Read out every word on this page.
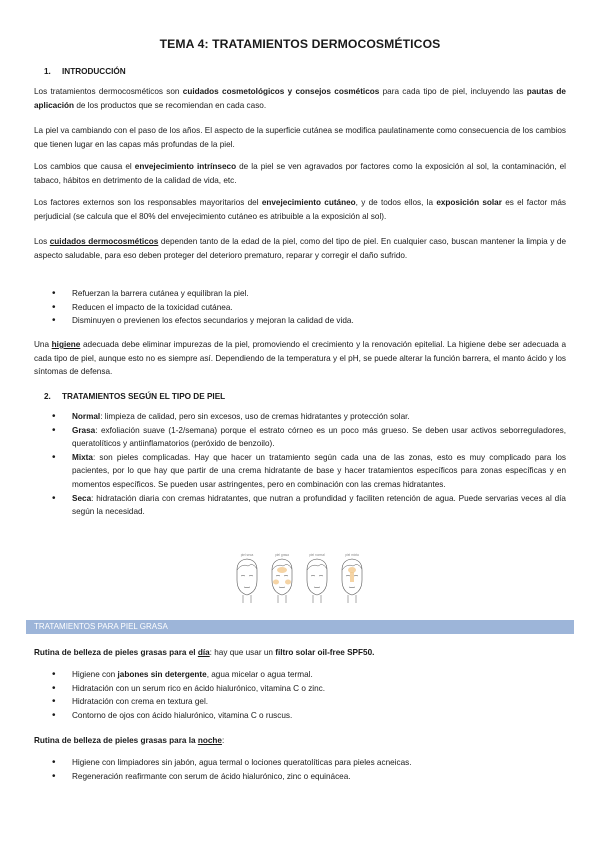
TEMA 4: TRATAMIENTOS DERMOCOSMÉTICOS
1. INTRODUCCIÓN

Los tratamientos dermocosméticos son cuidados cosmetológicos y consejos cosméticos para cada tipo de piel, incluyendo las pautas de aplicación de los productos que se recomiendan en cada caso.

La piel va cambiando con el paso de los años. El aspecto de la superficie cutánea se modifica paulatinamente como consecuencia de los cambios que tienen lugar en las capas más profundas de la piel.

Los cambios que causa el envejecimiento intrínseco de la piel se ven agravados por factores como la exposición al sol, la contaminación, el tabaco, hábitos en detrimento de la calidad de vida, etc.

Los factores externos son los responsables mayoritarios del envejecimiento cutáneo, y de todos ellos, la exposición solar es el factor más perjudicial (se calcula que el 80% del envejecimiento cutáneo es atribuible a la exposición al sol).

Los cuidados dermocosméticos dependen tanto de la edad de la piel, como del tipo de piel. En cualquier caso, buscan mantener la limpia y de aspecto saludable, para eso deben proteger del deterioro prematuro, reparar y corregir el daño sufrido.

• Refuerzan la barrera cutánea y equilibran la piel.
• Reducen el impacto de la toxicidad cutánea.
• Disminuyen o previenen los efectos secundarios y mejoran la calidad de vida.

Una higiene adecuada debe eliminar impurezas de la piel, promoviendo el crecimiento y la renovación epitelial. La higiene debe ser adecuada a cada tipo de piel, aunque esto no es siempre así. Dependiendo de la temperatura y el pH, se puede alterar la función barrera, el manto ácido y los síntomas de defensa.

2. TRATAMIENTOS SEGÚN EL TIPO DE PIEL
• Normal: limpieza de calidad, pero sin excesos, uso de cremas hidratantes y protección solar.
• Grasa: exfoliación suave (1-2/semana) porque el estrato córneo es un poco más grueso. Se deben usar activos seborreguladores, queratolíticos y antiinflamatorios (peróxido de benzoilo).
• Mixta: son pieles complicadas. Hay que hacer un tratamiento según cada una de las zonas, esto es muy complicado para los pacientes, por lo que hay que partir de una crema hidratante de base y hacer tratamientos específicos para zonas específicas y en momentos específicos. Se pueden usar astringentes, pero en combinación con las cremas hidratantes.
• Seca: hidratación diaria con cremas hidratantes, que nutran a profundidad y faciliten retención de agua. Puede servarias veces al día según la necesidad.
piel seca	piel grasa	piel normal	piel mixta
TRATAMIENTOS PARA PIEL GRASA

Rutina de belleza de pieles grasas para el día: hay que usar un filtro solar oil-free SPF50.

• Higiene con jabones sin detergente, agua micelar o agua termal.
• Hidratación con un serum rico en ácido hialurónico, vitamina C o zinc.
• Hidratación con crema en textura gel.
• Contorno de ojos con ácido hialurónico, vitamina C o ruscus.

Rutina de belleza de pieles grasas para la noche:

• Higiene con limpiadores sin jabón, agua termal o lociones queratolíticas para pieles acneicas.
• Regeneración reafirmante con serum de ácido hialurónico, zinc o equinácea.
